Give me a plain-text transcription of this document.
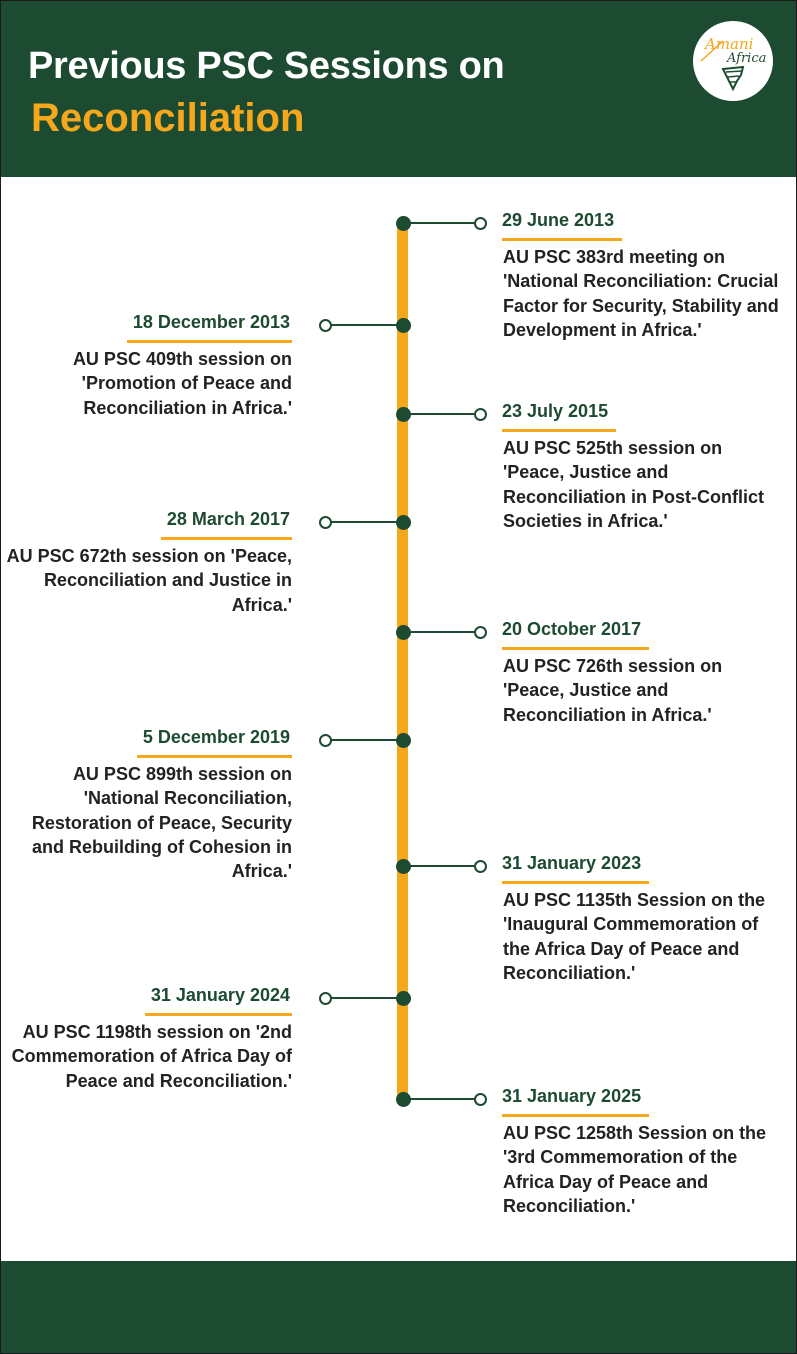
Previous PSC Sessions on
Reconciliation
Amani
Africa
29 June 2013
AU PSC 383rd meeting on 'National Reconciliation: Crucial Factor for Security, Stability and Development in Africa.'
18 December 2013
AU PSC 409th session on 'Promotion of Peace and Reconciliation in Africa.'	23 July 2015
AU PSC 525th session on 'Peace, Justice and Reconciliation in Post-Conflict Societies in Africa.'
28 March 2017
AU PSC 672th session on 'Peace, Reconciliation and Justice in Africa.'
20 October 2017
AU PSC 726th session on 'Peace, Justice and Reconciliation in Africa.'
5 December 2019
AU PSC 899th session on 'National Reconciliation, Restoration of Peace, Security and Rebuilding of Cohesion in Africa.'	31 January 2023
AU PSC 1135th Session on the 'Inaugural Commemoration of the Africa Day of Peace and Reconciliation.'
31 January 2024
AU PSC 1198th session on '2nd Commemoration of Africa Day of Peace and Reconciliation.'
31 January 2025
AU PSC 1258th Session on the '3rd Commemoration of the Africa Day of Peace and Reconciliation.'
